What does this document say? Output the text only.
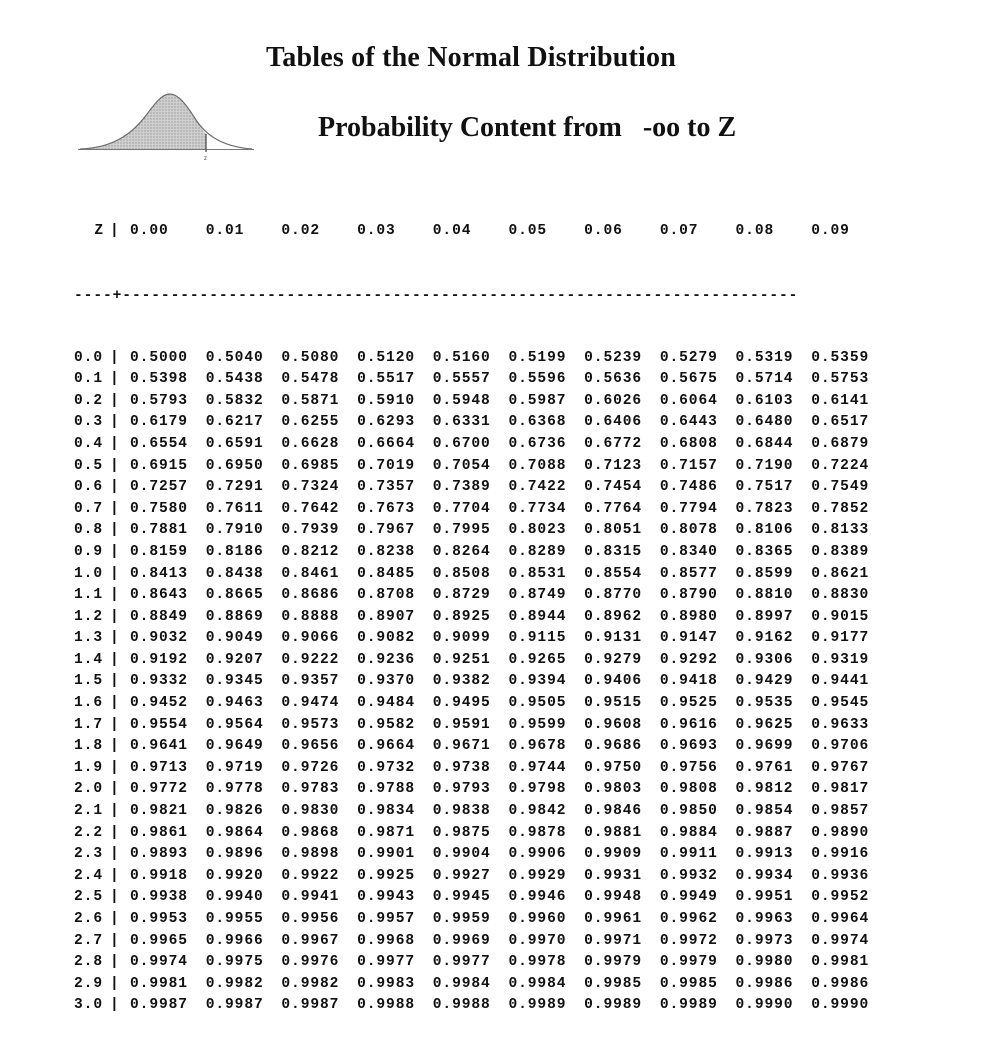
Tables of the Normal Distribution
z
Probability Content from   -oo to Z

Z | 0.00	0.01	0.02	0.03	0.04	0.05	0.06	0.07	0.08	0.09

----+----------------------------------------------------------------------

0.0 | 0.5000 0.5040 0.5080 0.5120 0.5160 0.5199 0.5239 0.5279 0.5319 0.5359
0.1 | 0.5398 0.5438 0.5478 0.5517 0.5557 0.5596 0.5636 0.5675 0.5714 0.5753
0.2 | 0.5793 0.5832 0.5871 0.5910 0.5948 0.5987 0.6026 0.6064 0.6103 0.6141
0.3 | 0.6179 0.6217 0.6255 0.6293 0.6331 0.6368 0.6406 0.6443 0.6480 0.6517
0.4 | 0.6554 0.6591 0.6628 0.6664 0.6700 0.6736 0.6772 0.6808 0.6844 0.6879
0.5 | 0.6915 0.6950 0.6985 0.7019 0.7054 0.7088 0.7123 0.7157 0.7190 0.7224
0.6 | 0.7257 0.7291 0.7324 0.7357 0.7389 0.7422 0.7454 0.7486 0.7517 0.7549
0.7 | 0.7580 0.7611 0.7642 0.7673 0.7704 0.7734 0.7764 0.7794 0.7823 0.7852
0.8 | 0.7881 0.7910 0.7939 0.7967 0.7995 0.8023 0.8051 0.8078 0.8106 0.8133
0.9 | 0.8159 0.8186 0.8212 0.8238 0.8264 0.8289 0.8315 0.8340 0.8365 0.8389
1.0 | 0.8413 0.8438 0.8461 0.8485 0.8508 0.8531 0.8554 0.8577 0.8599 0.8621
1.1 | 0.8643 0.8665 0.8686 0.8708 0.8729 0.8749 0.8770 0.8790 0.8810 0.8830
1.2 | 0.8849 0.8869 0.8888 0.8907 0.8925 0.8944 0.8962 0.8980 0.8997 0.9015
1.3 | 0.9032 0.9049 0.9066 0.9082 0.9099 0.9115 0.9131 0.9147 0.9162 0.9177
1.4 | 0.9192 0.9207 0.9222 0.9236 0.9251 0.9265 0.9279 0.9292 0.9306 0.9319
1.5 | 0.9332 0.9345 0.9357 0.9370 0.9382 0.9394 0.9406 0.9418 0.9429 0.9441
1.6 | 0.9452 0.9463 0.9474 0.9484 0.9495 0.9505 0.9515 0.9525 0.9535 0.9545
1.7 | 0.9554 0.9564 0.9573 0.9582 0.9591 0.9599 0.9608 0.9616 0.9625 0.9633
1.8 | 0.9641 0.9649 0.9656 0.9664 0.9671 0.9678 0.9686 0.9693 0.9699 0.9706
1.9 | 0.9713 0.9719 0.9726 0.9732 0.9738 0.9744 0.9750 0.9756 0.9761 0.9767
2.0 | 0.9772 0.9778 0.9783 0.9788 0.9793 0.9798 0.9803 0.9808 0.9812 0.9817
2.1 | 0.9821 0.9826 0.9830 0.9834 0.9838 0.9842 0.9846 0.9850 0.9854 0.9857
2.2 | 0.9861 0.9864 0.9868 0.9871 0.9875 0.9878 0.9881 0.9884 0.9887 0.9890
2.3 | 0.9893 0.9896 0.9898 0.9901 0.9904 0.9906 0.9909 0.9911 0.9913 0.9916
2.4 | 0.9918 0.9920 0.9922 0.9925 0.9927 0.9929 0.9931 0.9932 0.9934 0.9936
2.5 | 0.9938 0.9940 0.9941 0.9943 0.9945 0.9946 0.9948 0.9949 0.9951 0.9952
2.6 | 0.9953 0.9955 0.9956 0.9957 0.9959 0.9960 0.9961 0.9962 0.9963 0.9964
2.7 | 0.9965 0.9966 0.9967 0.9968 0.9969 0.9970 0.9971 0.9972 0.9973 0.9974
2.8 | 0.9974 0.9975 0.9976 0.9977 0.9977 0.9978 0.9979 0.9979 0.9980 0.9981
2.9 | 0.9981 0.9982 0.9982 0.9983 0.9984 0.9984 0.9985 0.9985 0.9986 0.9986
3.0 | 0.9987 0.9987 0.9987 0.9988 0.9988 0.9989 0.9989 0.9989 0.9990 0.9990
